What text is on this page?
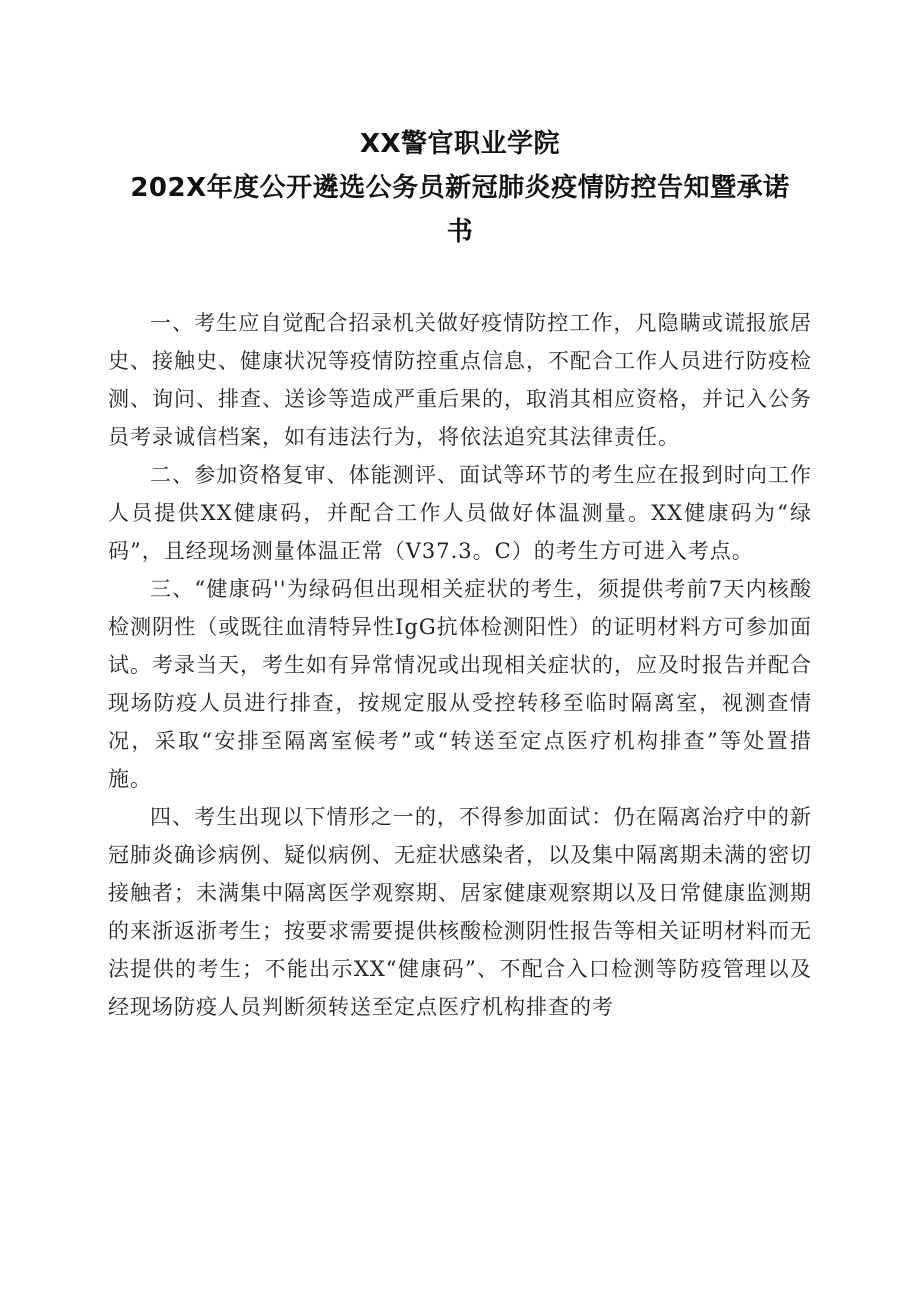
XX警官职业学院
202X年度公开遴选公务员新冠肺炎疫情防控告知暨承诺
书

一、考生应自觉配合招录机关做好疫情防控工作，凡隐瞒或谎报旅居史、接触史、健康状况等疫情防控重点信息，不配合工作人员进行防疫检测、询问、排查、送诊等造成严重后果的，取消其相应资格，并记入公务员考录诚信档案，如有违法行为，将依法追究其法律责任。

二、参加资格复审、体能测评、面试等环节的考生应在报到时向工作人员提供XX健康码，并配合工作人员做好体温测量。XX健康码为“绿码”，且经现场测量体温正常（V37.3。C）的考生方可进入考点。

三、“健康码''为绿码但出现相关症状的考生，须提供考前7天内核酸检测阴性（或既往血清特异性IgG抗体检测阳性）的证明材料方可参加面试。考录当天，考生如有异常情况或出现相关症状的，应及时报告并配合现场防疫人员进行排查，按规定服从受控转移至临时隔离室，视测查情况，采取“安排至隔离室候考”或“转送至定点医疗机构排查”等处置措施。

四、考生出现以下情形之一的，不得参加面试：仍在隔离治疗中的新冠肺炎确诊病例、疑似病例、无症状感染者，以及集中隔离期未满的密切接触者；未满集中隔离医学观察期、居家健康观察期以及日常健康监测期的来浙返浙考生；按要求需要提供核酸检测阴性报告等相关证明材料而无法提供的考生；不能出示XX“健康码”、不配合入口检测等防疫管理以及经现场防疫人员判断须转送至定点医疗机构排查的考
